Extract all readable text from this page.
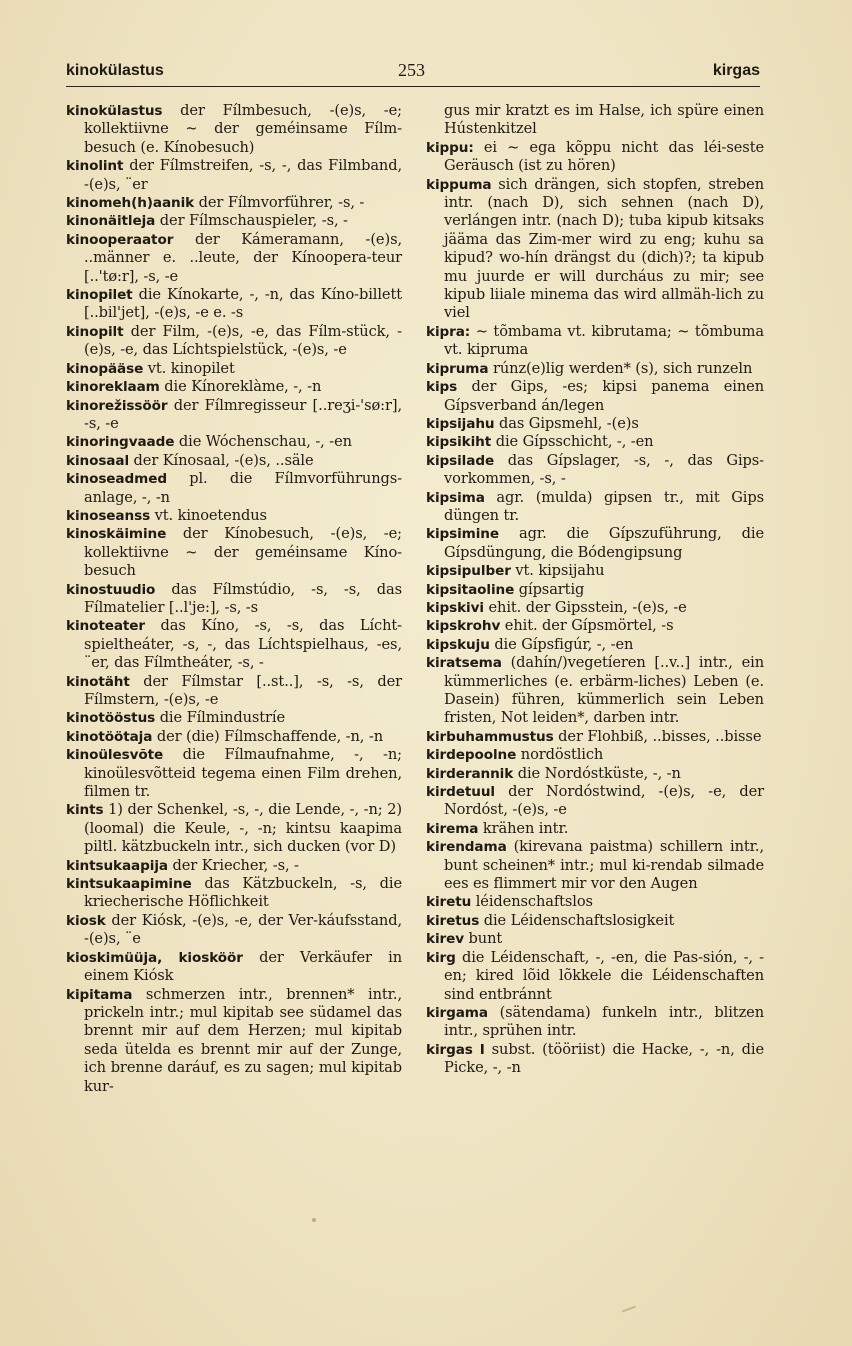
kinokülastus	253	kirgas

kinokülastus der Fílmbesuch, -(e)s, -e; kollektiivne ~ der geméinsame Fílm-besuch (e. Kínobesuch)

kinolint der Fílmstreifen, -s, -, das Filmband, -(e)s, ¨er

kinomeh(h)aanik der Fílmvorführer, -s, -

kinonäitleja der Fílmschauspieler, -s, -

kinooperaator der Kámeramann, -(e)s, ..männer e. ..leute, der Kínoopera-teur [..'tø:r], -s, -e

kinopilet die Kínokarte, -, -n, das Kíno-billett [..bil'jet], -(e)s, -e e. -s

kinopilt der Film, -(e)s, -e, das Fílm-stück, -(e)s, -e, das Líchtspielstück, -(e)s, -e

kinopääse vt. kinopilet

kinoreklaam die Kínoreklàme, -, -n

kinorežissöör der Fílmregisseur [..reʒi-'sø:r], -s, -e

kinoringvaade die Wóchenschau, -, -en

kinosaal der Kínosaal, -(e)s, ..säle

kinoseadmed pl. die Fílmvorführungs-anlage, -, -n

kinoseanss vt. kinoetendus

kinoskäimine der Kínobesuch, -(e)s, -e; kollektiivne ~ der geméinsame Kíno-besuch

kinostuudio das Fílmstúdio, -s, -s, das Fílmatelier [..l'je:], -s, -s

kinoteater das Kíno, -s, -s, das Lícht-spieltheáter, -s, -, das Líchtspielhaus, -es, ¨er, das Fílmtheáter, -s, -

kinotäht der Fílmstar [..st..], -s, -s, der Fílmstern, -(e)s, -e

kinotööstus die Fílmindustríe

kinotöötaja der (die) Fílmschaffende, -n, -n

kinoülesvõte die Fílmaufnahme, -, -n; kinoülesvõtteid tegema einen Film drehen, filmen tr.

kints 1) der Schenkel, -s, -, die Lende, -, -n; 2) (loomal) die Keule, -, -n; kintsu kaapima piltl. kätzbuckeln intr., sich ducken (vor D)

kintsukaapija der Kriecher, -s, -

kintsukaapimine das Kätzbuckeln, -s, die kriecherische Höflichkeit

kiosk der Kiósk, -(e)s, -e, der Ver-káufsstand, -(e)s, ¨e

kioskimüüja, kiosköör der Verkäufer in einem Kiósk

kipitama schmerzen intr., brennen* intr., prickeln intr.; mul kipitab see südamel das brennt mir auf dem Herzen; mul kipitab seda ütelda es brennt mir auf der Zunge, ich brenne daráuf, es zu sagen; mul kipitab kur-

gus mir kratzt es im Halse, ich spüre einen Hústenkitzel

kippu: ei ~ ega kõppu nicht das léi-seste Geräusch (ist zu hören)

kippuma sich drängen, sich stopfen, streben intr. (nach D), sich sehnen (nach D), verlángen intr. (nach D); tuba kipub kitsaks jääma das Zim-mer wird zu eng; kuhu sa kipud? wo-hín drängst du (dich)?; ta kipub mu juurde er will durcháus zu mir; see kipub liiale minema das wird allmäh-lich zu viel

kipra: ~ tõmbama vt. kibrutama; ~ tõmbuma vt. kipruma

kipruma rúnz(e)lig werden* (s), sich runzeln

kips der Gips, -es; kipsi panema einen Gípsverband án/legen

kipsijahu das Gipsmehl, -(e)s

kipsikiht die Gípsschicht, -, -en

kipsilade das Gípslager, -s, -, das Gips-vorkommen, -s, -

kipsima agr. (mulda) gipsen tr., mit Gips düngen tr.

kipsimine agr. die Gípszuführung, die Gípsdüngung, die Bódengipsung

kipsipulber vt. kipsijahu

kipsitaoline gípsartig

kipskivi ehit. der Gipsstein, -(e)s, -e

kipskrohv ehit. der Gípsmörtel, -s

kipskuju die Gípsfigúr, -, -en

kiratsema (dahín/)vegetíeren [..v..] intr., ein kümmerliches (e. erbärm-liches) Leben (e. Dasein) führen, kümmerlich sein Leben fristen, Not leiden*, darben intr.

kirbuhammustus der Flohbiß, ..bisses, ..bisse

kirdepoolne nordöstlich

kirderannik die Nordóstküste, -, -n

kirdetuul der Nordóstwind, -(e)s, -e, der Nordóst, -(e)s, -e

kirema krähen intr.

kirendama (kirevana paistma) schillern intr., bunt scheinen* intr.; mul ki-rendab silmade ees es flimmert mir vor den Augen

kiretu léidenschaftslos

kiretus die Léidenschaftslosigkeit

kirev bunt

kirg die Léidenschaft, -, -en, die Pas-sión, -, -en; kired lõid lõkkele die Léidenschaften sind entbránnt

kirgama (sätendama) funkeln intr., blitzen intr., sprühen intr.

kirgas I subst. (tööriist) die Hacke, -, -n, die Picke, -, -n
